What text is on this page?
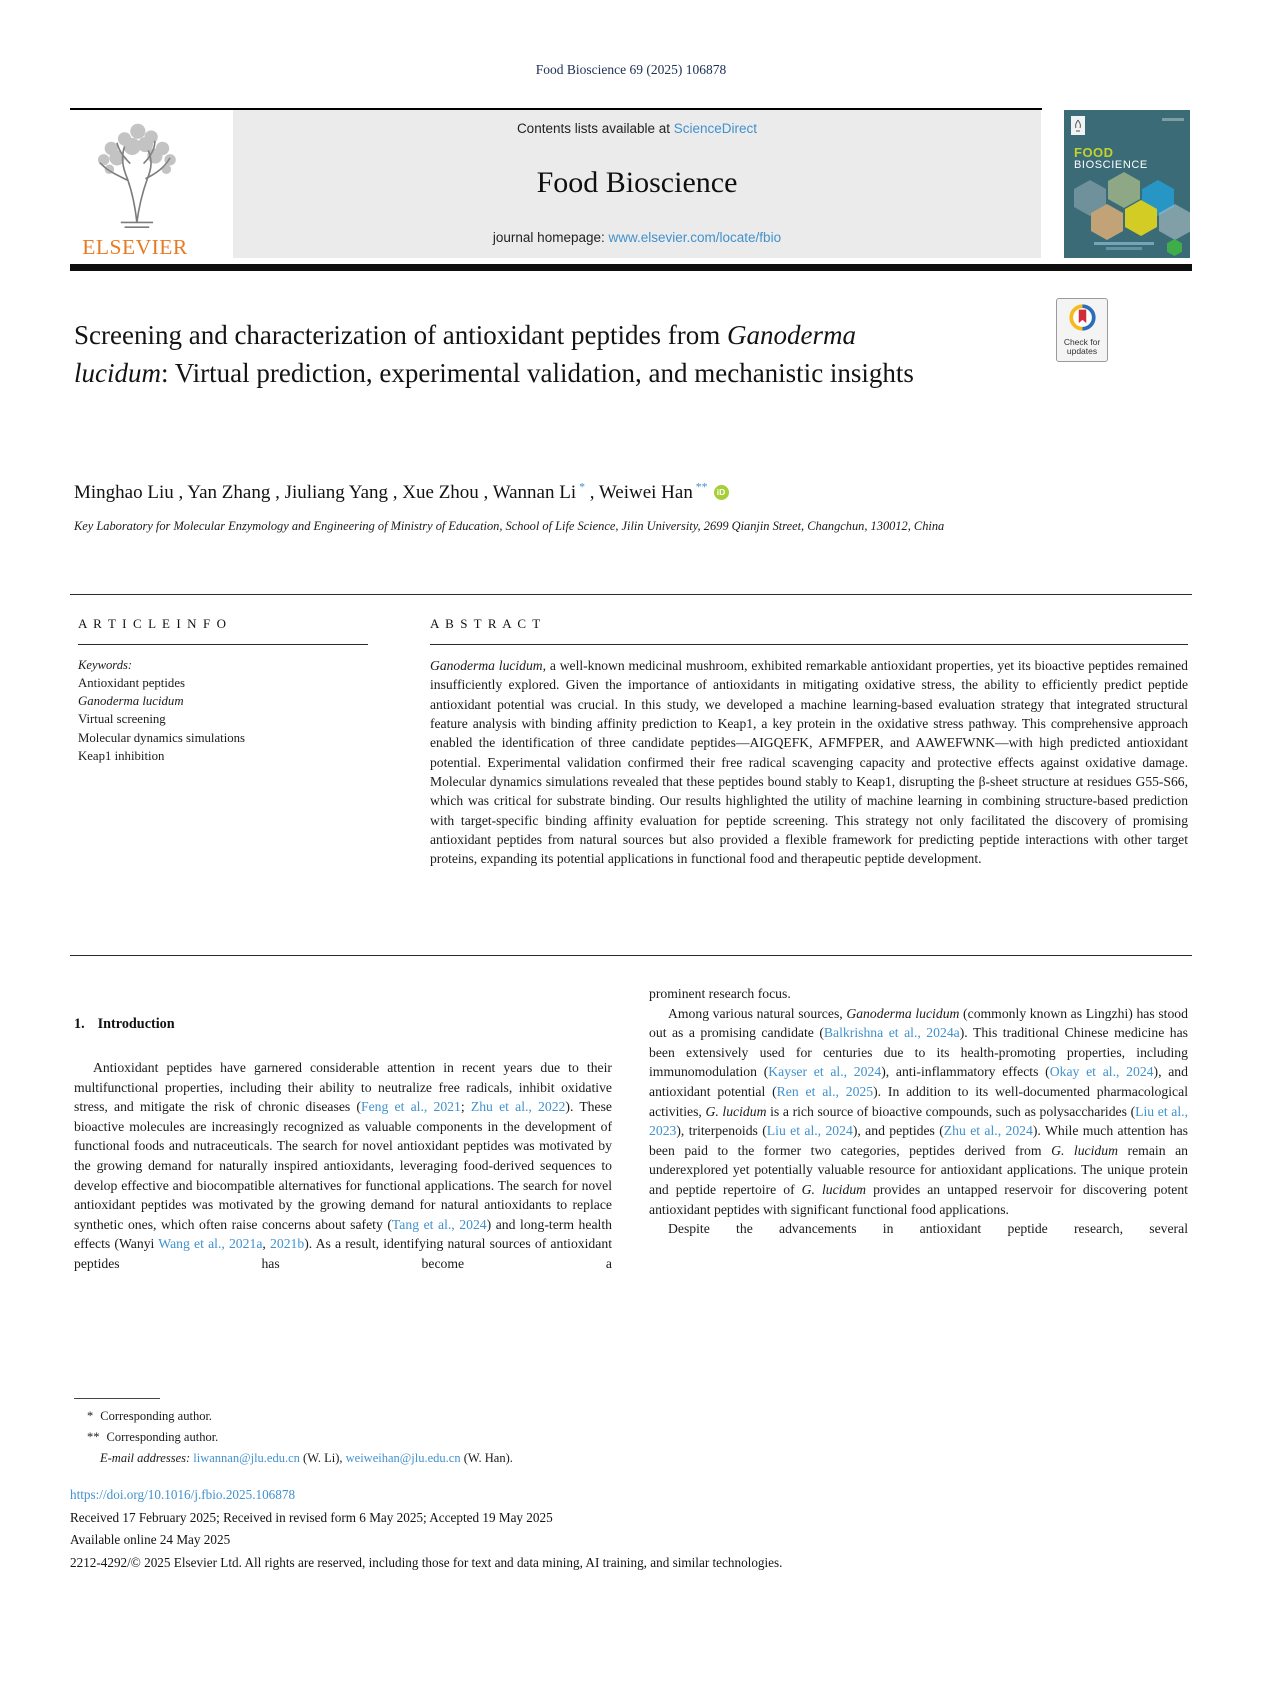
Food Bioscience 69 (2025) 106878
ELSEVIER
Contents lists available at ScienceDirect
Food Bioscience
journal homepage: www.elsevier.com/locate/fbio
FOOD
BIOSCIENCE
Screening and characterization of antioxidant peptides from Ganoderma lucidum: Virtual prediction, experimental validation, and mechanistic insights
Check for
updates
Minghao Liu , Yan Zhang , Jiuliang Yang , Xue Zhou , Wannan Li * , Weiwei Han ** iD
Key Laboratory for Molecular Enzymology and Engineering of Ministry of Education, School of Life Science, Jilin University, 2699 Qianjin Street, Changchun, 130012, China
A R T I C L E I N F O
Keywords:
Antioxidant peptides
Ganoderma lucidum
Virtual screening
Molecular dynamics simulations
Keap1 inhibition
A B S T R A C T
Ganoderma lucidum, a well-known medicinal mushroom, exhibited remarkable antioxidant properties, yet its bioactive peptides remained insufficiently explored. Given the importance of antioxidants in mitigating oxidative stress, the ability to efficiently predict peptide antioxidant potential was crucial. In this study, we developed a machine learning-based evaluation strategy that integrated structural feature analysis with binding affinity prediction to Keap1, a key protein in the oxidative stress pathway. This comprehensive approach enabled the identification of three candidate peptides—AIGQEFK, AFMFPER, and AAWEFWNK—with high predicted antioxidant potential. Experimental validation confirmed their free radical scavenging capacity and protective effects against oxidative damage. Molecular dynamics simulations revealed that these peptides bound stably to Keap1, disrupting the β-sheet structure at residues G55-S66, which was critical for substrate binding. Our results highlighted the utility of machine learning in combining structure-based prediction with target-specific binding affinity evaluation for peptide screening. This strategy not only facilitated the discovery of promising antioxidant peptides from natural sources but also provided a flexible framework for predicting peptide interactions with other target proteins, expanding its potential applications in functional food and therapeutic peptide development.
1. Introduction
Antioxidant peptides have garnered considerable attention in recent years due to their multifunctional properties, including their ability to neutralize free radicals, inhibit oxidative stress, and mitigate the risk of chronic diseases (Feng et al., 2021; Zhu et al., 2022). These bioactive molecules are increasingly recognized as valuable components in the development of functional foods and nutraceuticals. The search for novel antioxidant peptides was motivated by the growing demand for naturally inspired antioxidants, leveraging food-derived sequences to develop effective and biocompatible alternatives for functional applications. The search for novel antioxidant peptides was motivated by the growing demand for natural antioxidants to replace synthetic ones, which often raise concerns about safety (Tang et al., 2024) and long-term health effects (Wanyi Wang et al., 2021a, 2021b). As a result, identifying natural sources of antioxidant peptides has become a
prominent research focus.
Among various natural sources, Ganoderma lucidum (commonly known as Lingzhi) has stood out as a promising candidate (Balkrishna et al., 2024a). This traditional Chinese medicine has been extensively used for centuries due to its health-promoting properties, including immunomodulation (Kayser et al., 2024), anti-inflammatory effects (Okay et al., 2024), and antioxidant potential (Ren et al., 2025). In addition to its well-documented pharmacological activities, G. lucidum is a rich source of bioactive compounds, such as polysaccharides (Liu et al., 2023), triterpenoids (Liu et al., 2024), and peptides (Zhu et al., 2024). While much attention has been paid to the former two categories, peptides derived from G. lucidum remain an underexplored yet potentially valuable resource for antioxidant applications. The unique protein and peptide repertoire of G. lucidum provides an untapped reservoir for discovering potent antioxidant peptides with significant functional food applications.
Despite the advancements in antioxidant peptide research, several
* Corresponding author.
** Corresponding author.
E-mail addresses: liwannan@jlu.edu.cn (W. Li), weiweihan@jlu.edu.cn (W. Han).
https://doi.org/10.1016/j.fbio.2025.106878
Received 17 February 2025; Received in revised form 6 May 2025; Accepted 19 May 2025
Available online 24 May 2025
2212-4292/© 2025 Elsevier Ltd. All rights are reserved, including those for text and data mining, AI training, and similar technologies.
